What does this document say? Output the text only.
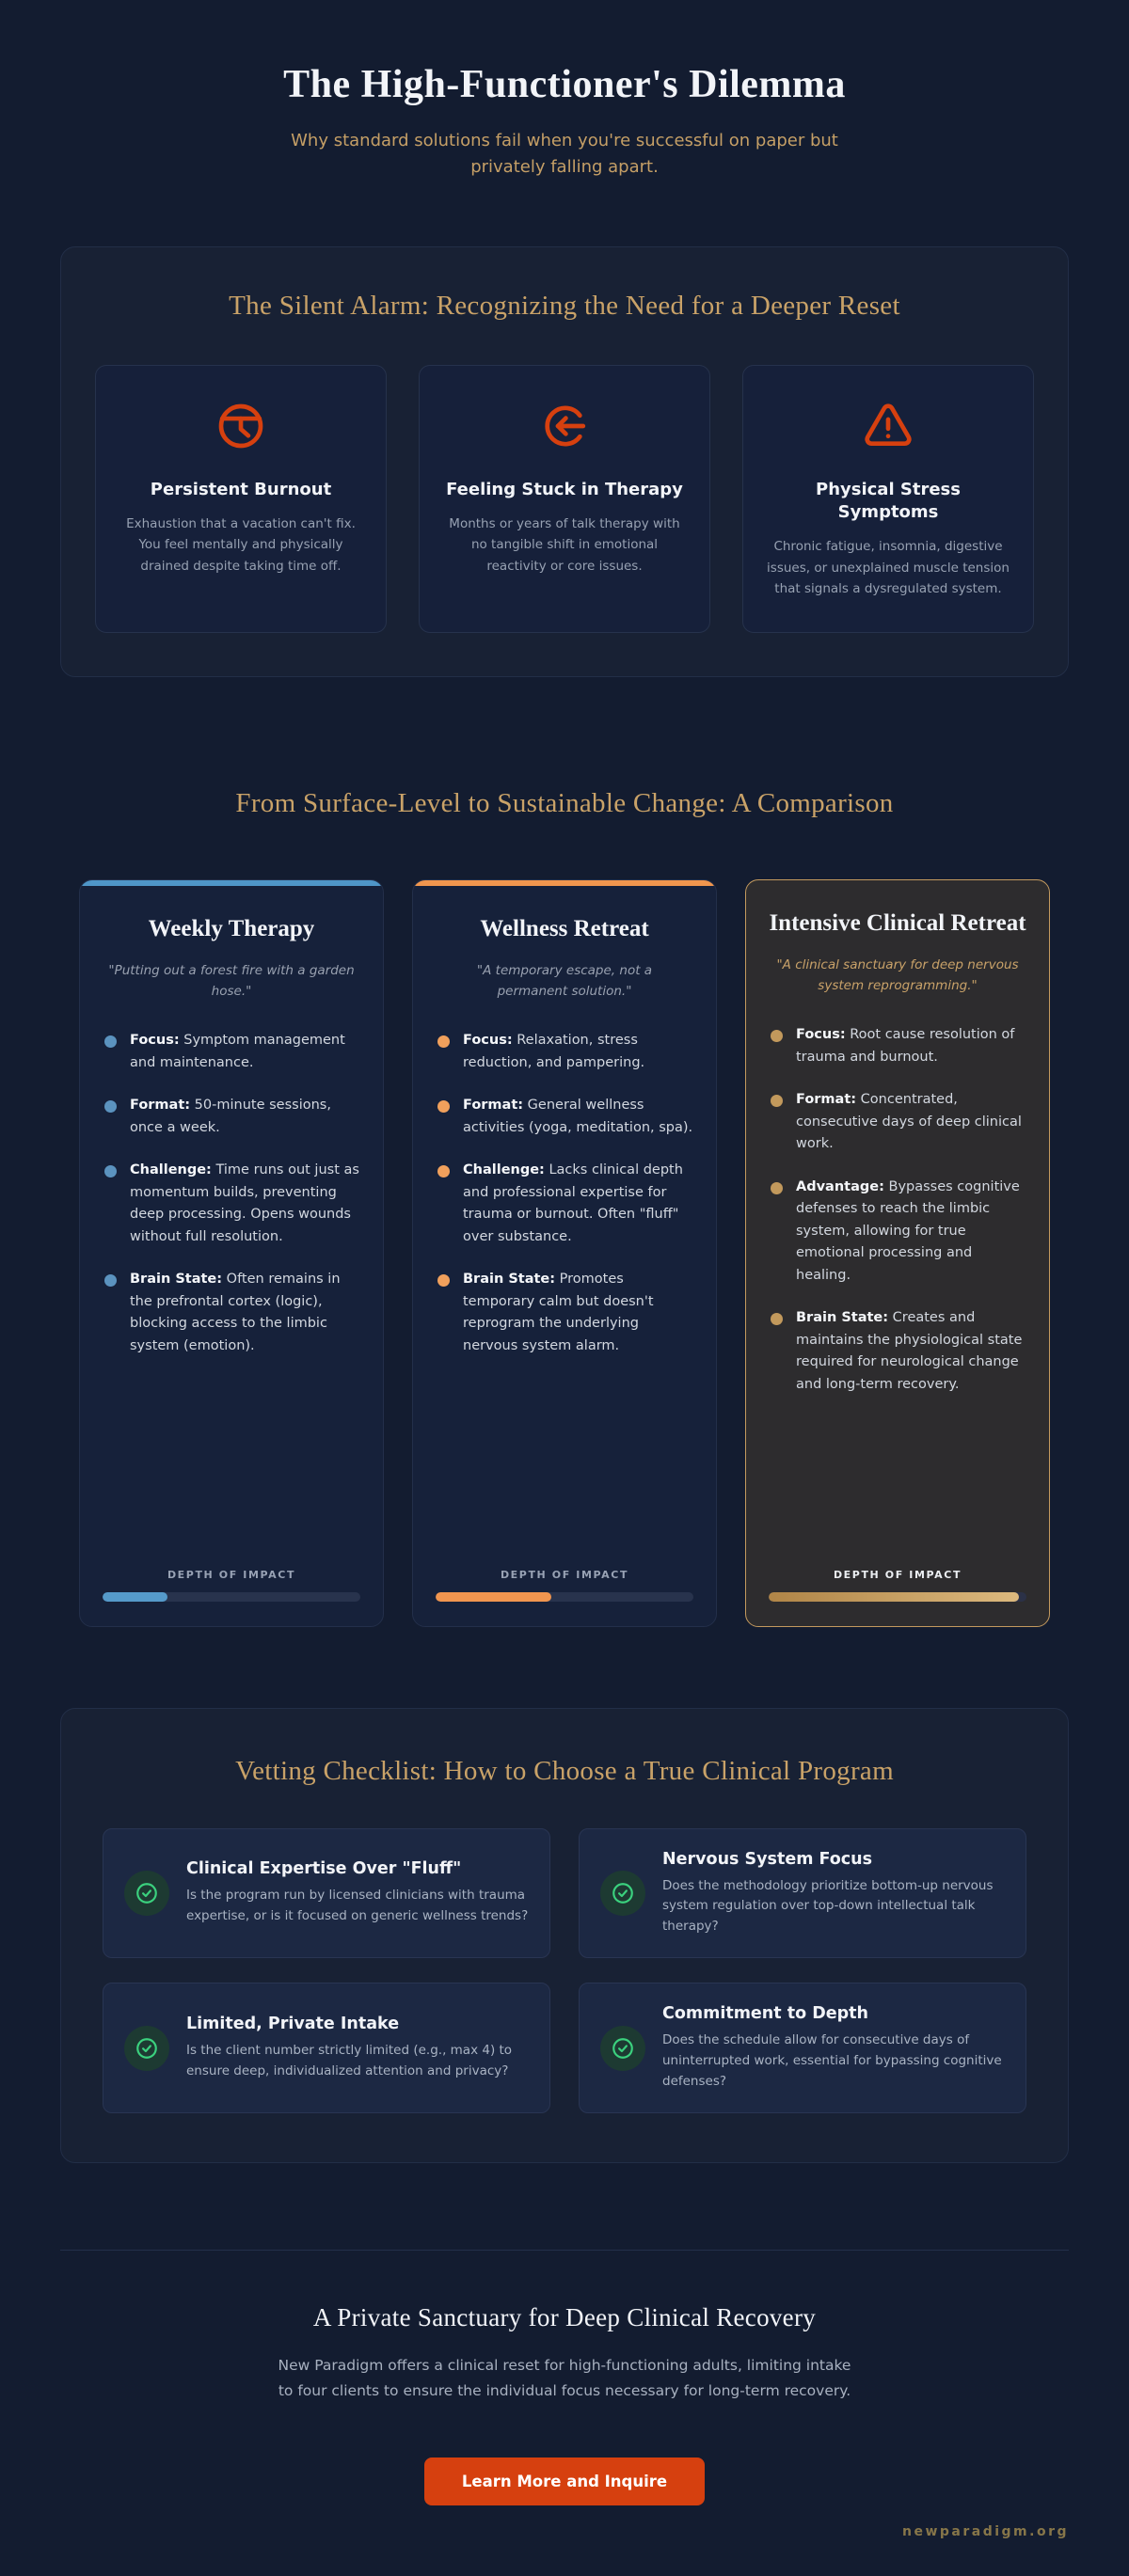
The High-Functioner's Dilemma

Why standard solutions fail when you're successful on paper but privately falling apart.

The Silent Alarm: Recognizing the Need for a Deeper Reset
Persistent Burnout

Exhaustion that a vacation can't fix. You feel mentally and physically drained despite taking time off.

Feeling Stuck in Therapy

Months or years of talk therapy with no tangible shift in emotional reactivity or core issues.

Physical Stress Symptoms

Chronic fatigue, insomnia, digestive issues, or unexplained muscle tension that signals a dysregulated system.

From Surface-Level to Sustainable Change: A Comparison
Weekly Therapy

"Putting out a forest fire with a garden hose."

Focus: Symptom management and maintenance.
Format: 50-minute sessions, once a week.
Challenge: Time runs out just as momentum builds, preventing deep processing. Opens wounds without full resolution.
Brain State: Often remains in the prefrontal cortex (logic), blocking access to the limbic system (emotion).
DEPTH OF IMPACT
Wellness Retreat

"A temporary escape, not a permanent solution."

Focus: Relaxation, stress reduction, and pampering.
Format: General wellness activities (yoga, meditation, spa).
Challenge: Lacks clinical depth and professional expertise for trauma or burnout. Often "fluff" over substance.
Brain State: Promotes temporary calm but doesn't reprogram the underlying nervous system alarm.
DEPTH OF IMPACT
Intensive Clinical Retreat

"A clinical sanctuary for deep nervous system reprogramming."

Focus: Root cause resolution of trauma and burnout.
Format: Concentrated, consecutive days of deep clinical work.
Advantage: Bypasses cognitive defenses to reach the limbic system, allowing for true emotional processing and healing.
Brain State: Creates and maintains the physiological state required for neurological change and long-term recovery.
DEPTH OF IMPACT
Vetting Checklist: How to Choose a True Clinical Program
Clinical Expertise Over "Fluff"

Is the program run by licensed clinicians with trauma expertise, or is it focused on generic wellness trends?

Nervous System Focus

Does the methodology prioritize bottom-up nervous system regulation over top-down intellectual talk therapy?

Limited, Private Intake

Is the client number strictly limited (e.g., max 4) to ensure deep, individualized attention and privacy?

Commitment to Depth

Does the schedule allow for consecutive days of uninterrupted work, essential for bypassing cognitive defenses?

A Private Sanctuary for Deep Clinical Recovery

New Paradigm offers a clinical reset for high-functioning adults, limiting intake to four clients to ensure the individual focus necessary for long-term recovery.

Learn More and Inquire
newparadigm.org
